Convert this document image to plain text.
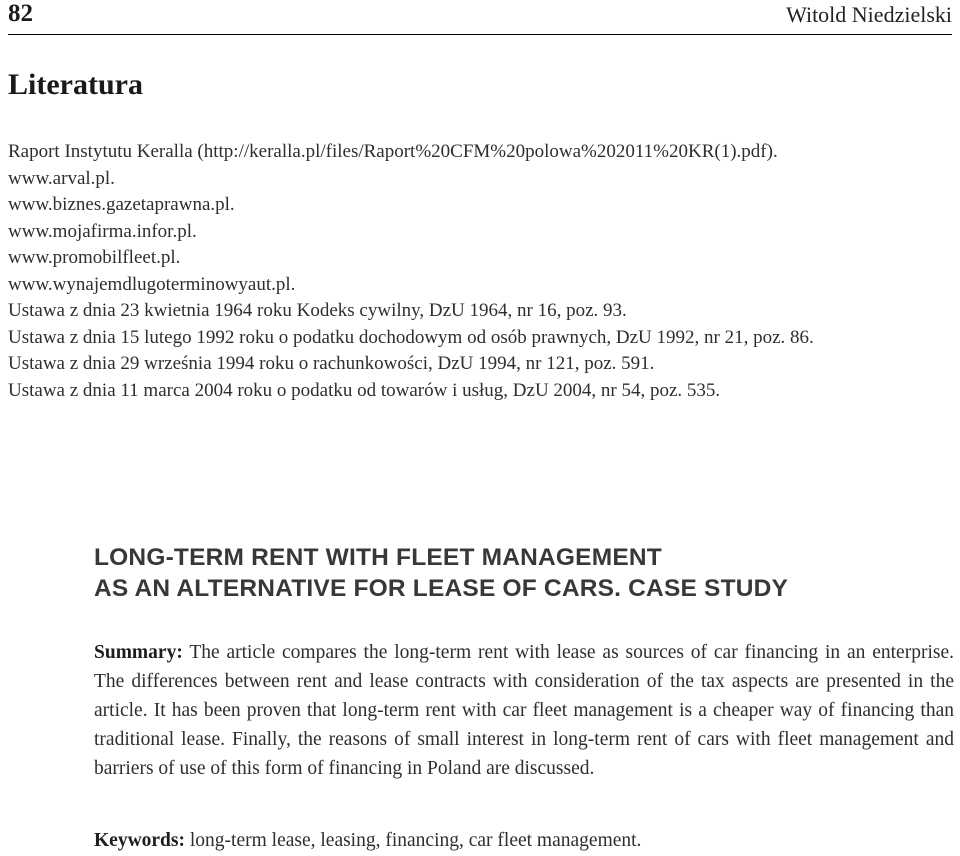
82	Witold Niedzielski
Literatura
Raport Instytutu Keralla (http://keralla.pl/files/Raport%20CFM%20polowa%202011%20KR(1).pdf).
www.arval.pl.
www.biznes.gazetaprawna.pl.
www.mojafirma.infor.pl.
www.promobilfleet.pl.
www.wynajemdlugoterminowyaut.pl.
Ustawa z dnia 23 kwietnia 1964 roku Kodeks cywilny, DzU 1964, nr 16, poz. 93.
Ustawa z dnia 15 lutego 1992 roku o podatku dochodowym od osób prawnych, DzU 1992, nr 21, poz. 86.
Ustawa z dnia 29 września 1994 roku o rachunkowości, DzU 1994, nr 121, poz. 591.
Ustawa z dnia 11 marca 2004 roku o podatku od towarów i usług, DzU 2004, nr 54, poz. 535.
LONG-TERM RENT WITH FLEET MANAGEMENT
AS AN ALTERNATIVE FOR LEASE OF CARS. CASE STUDY

Summary: The article compares the long-term rent with lease as sources of car financing in an enterprise. The differences between rent and lease contracts with consideration of the tax aspects are presented in the article. It has been proven that long-term rent with car fleet management is a cheaper way of financing than traditional lease. Finally, the reasons of small interest in long-term rent of cars with fleet management and barriers of use of this form of financing in Poland are discussed.

Keywords: long-term lease, leasing, financing, car fleet management.
